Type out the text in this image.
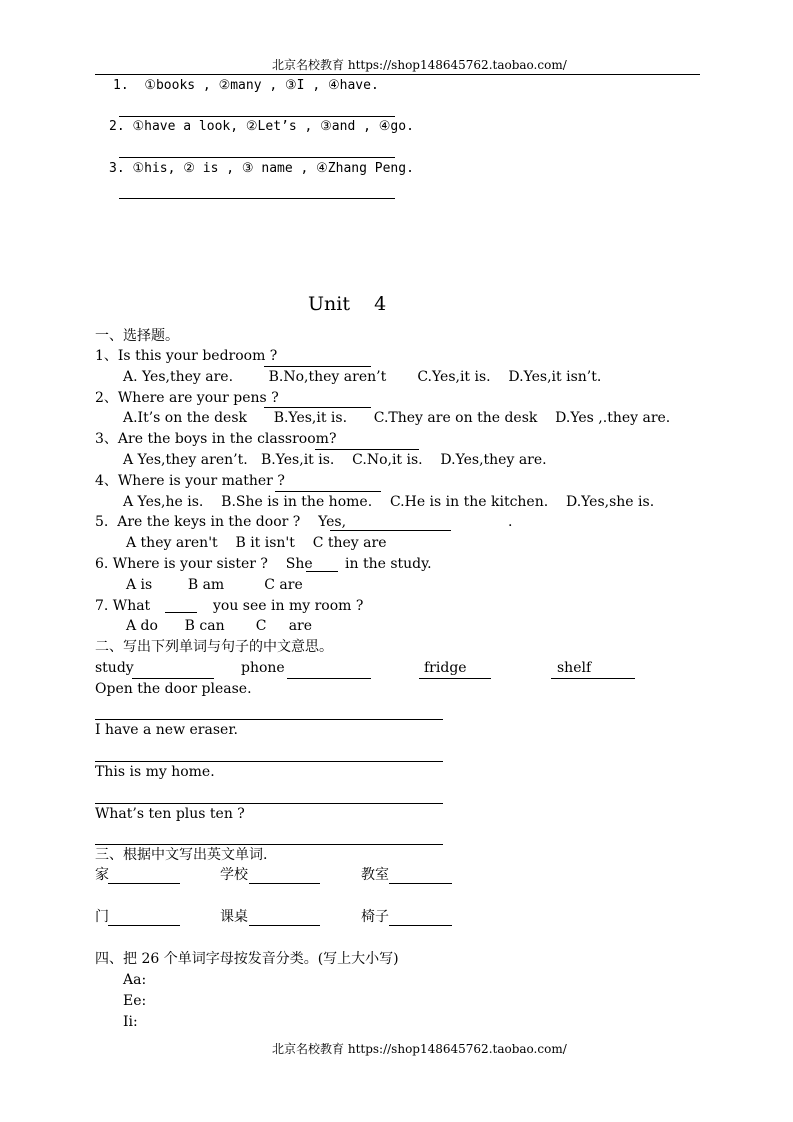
北京名校教育 https://shop148645762.taobao.com/
1. ①books , ②many , ③I , ④have.
2. ①have a look, ②Let’s , ③and , ④go.
3. ①his, ② is , ③ name , ④Zhang Peng.
Unit    4
一、选择题。
1、Is this your bedroom ?
A. Yes,they are.        B.No,they aren’t       C.Yes,it is.    D.Yes,it isn’t.
2、Where are your pens ?
A.It’s on the desk      B.Yes,it is.      C.They are on the desk    D.Yes ,.they are.
3、Are the boys in the classroom?
A Yes,they aren’t.   B.Yes,it is.    C.No,it is.    D.Yes,they are.
4、Where is your mather ?
A Yes,he is.    B.She is in the home.    C.He is in the kitchen.    D.Yes,she is.
5.  Are the keys in the door ?    Yes,	.
A they aren't    B it isn't    C they are
6. Where is your sister ?    She in the study.
A is        B am         C are
7. What	you see in my room ?
A do      B can       C     are
二、写出下列单词与句子的中文意思。
study	phone	fridge	shelf
Open the door please.
I have a new eraser.
This is my home.
What’s ten plus ten ?
三、根据中文写出英文单词.
家	学校	教室
门	课桌	椅子
四、把 26 个单词字母按发音分类。(写上大小写)
Aa:
Ee:
Ii:
北京名校教育 https://shop148645762.taobao.com/
